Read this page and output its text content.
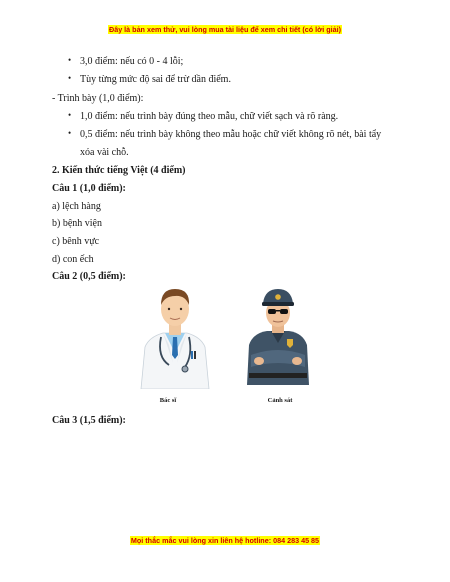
Đây là bản xem thử, vui lòng mua tài liệu để xem chi tiết (có lời giải)
• 3,0 điểm: nếu có 0 - 4 lỗi;
• Tùy từng mức độ sai để trừ dần điểm.
- Trình bày (1,0 điểm):
• 1,0 điểm: nếu trình bày đúng theo mẫu, chữ viết sạch và rõ ràng.
• 0,5 điểm: nếu trình bày không theo mẫu hoặc chữ viết không rõ nét, bài tẩy
xóa vài chỗ.
2. Kiến thức tiếng Việt (4 điểm)
Câu 1 (1,0 điểm):
a) lệch hàng
b) bệnh viện
c) bênh vực
d) con ếch
Câu 2 (0,5 điểm):
Bác sĩ	Cảnh sát
Câu 3 (1,5 điểm):
Mọi thắc mắc vui lòng xin liên hệ hotline: 084 283 45 85
